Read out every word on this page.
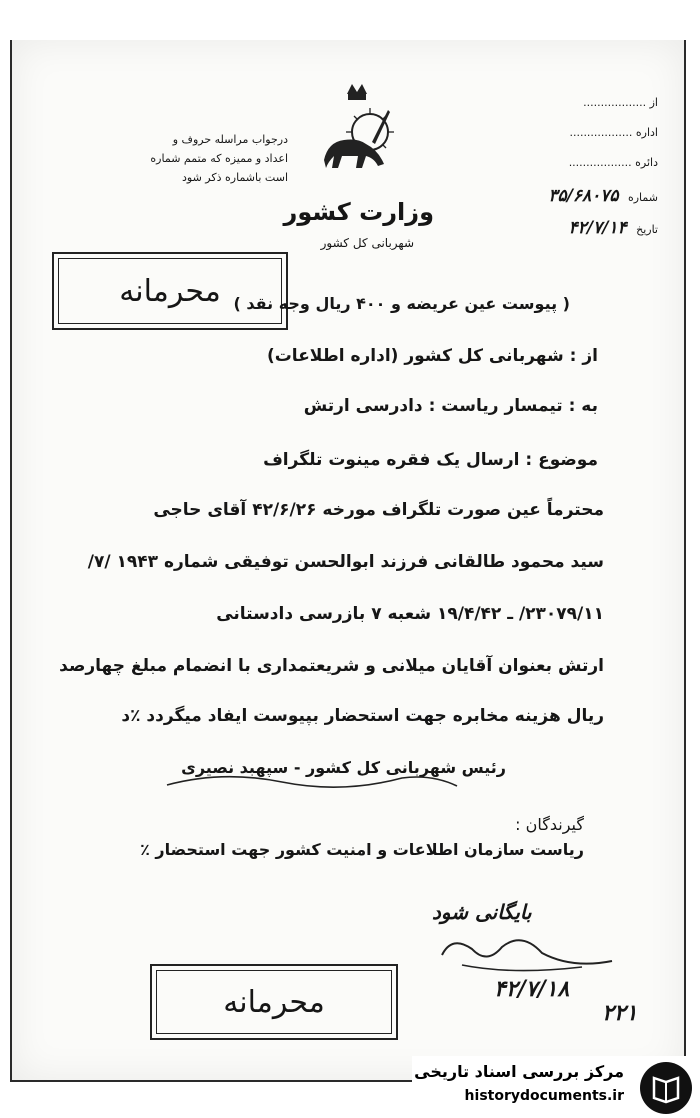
از ..................
اداره ..................
دائره ..................
شماره ۳۵/۶۸۰۷۵
تاریخ ۴۲/۷/۱۴
درجواب مراسله حروف و
اعداد و ممیزه که متمم شماره
است باشماره ذکر شود
وزارت کشور
شهربانی کل کشور
محرمانه ( پیوست عین عریضه و ۴۰۰ ریال وجه نقد )
از : شهربانی کل کشور (اداره اطلاعات)
به : تیمسار ریاست : دادرسی ارتش
موضوع : ارسال یک فقره مینوت تلگراف
محترماً عین صورت تلگراف مورخه ۴۲/۶/۲۶ آقای حاجی
سید محمود طالقانی فرزند ابوالحسن توفیقی شماره ۱۹۴۳ /۷/
۲۳۰۷۹/۱۱/ ـ ۱۹/۴/۴۲ شعبه ۷ بازرسی دادستانی
ارتش بعنوان آقایان میلانی و شریعتمداری با انضمام مبلغ چهارصد
ریال هزینه مخابره جهت استحضار بپیوست ایفاد میگردد ٪د
رئیس شهربانی کل کشور - سپهبد نصیری
گیرندگان :
ریاست سازمان اطلاعات و امنیت کشور جهت استحضار ٪
بایگانی شود
۴۲/۷/۱۸
۲۲۱
محرمانه
مرکز بررسی اسناد تاریخی
historydocuments.ir
